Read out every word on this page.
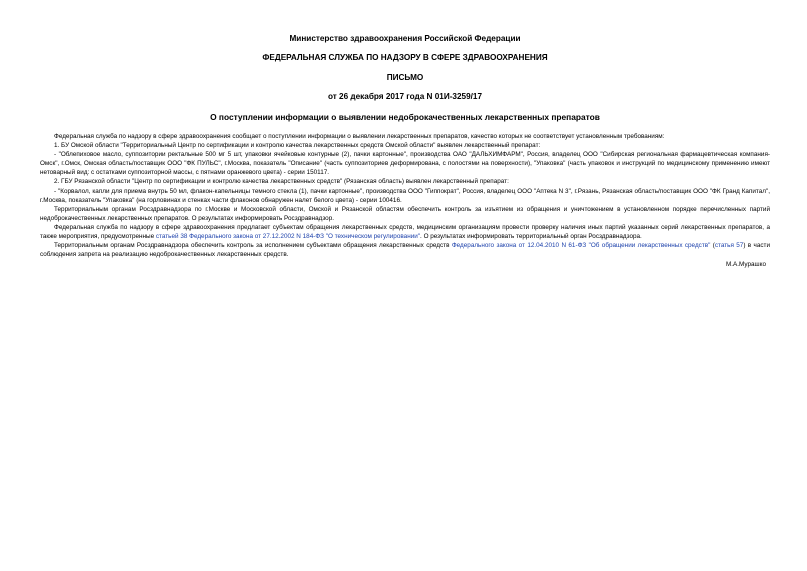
Министерство здравоохранения Российской Федерации
ФЕДЕРАЛЬНАЯ СЛУЖБА ПО НАДЗОРУ В СФЕРЕ ЗДРАВООХРАНЕНИЯ
ПИСЬМО
от 26 декабря 2017 года N 01И-3259/17
О поступлении информации о выявлении недоброкачественных лекарственных препаратов

Федеральная служба по надзору в сфере здравоохранения сообщает о поступлении информации о выявлении лекарственных препаратов, качество которых не соответствует установленным требованиям:

1. БУ Омской области "Территориальный Центр по сертификации и контролю качества лекарственных средств Омской области" выявлен лекарственный препарат:

- "Облепиховое масло, суппозитории ректальные 500 мг 5 шт, упаковки ячейковые контурные (2), пачки картонные", производства ОАО "ДАЛЬХИМФАРМ", Россия, владелец ООО "Сибирская региональная фармацевтическая компания-Омск", г.Омск, Омская область/поставщик ООО "ФК ПУЛЬС", г.Москва, показатель "Описание" (часть суппозиториев деформирована, с полостями на поверхности), "Упаковка" (часть упаковок и инструкций по медицинскому применению имеют нетоварный вид: с остатками суппозиторной массы, с пятнами оранжевого цвета) - серии 150117.

2. ГБУ Рязанской области "Центр по сертификации и контролю качества лекарственных средств" (Рязанская область) выявлен лекарственный препарат:

- "Корвалол, капли для приема внутрь 50 мл, флакон-капельницы темного стекла (1), пачки картонные", производства ООО "Гиппократ", Россия, владелец ООО "Аптека N 3", г.Рязань, Рязанская область/поставщик ООО "ФК Гранд Капитал", г.Москва, показатель "Упаковка" (на горловинах и стенках части флаконов обнаружен налет белого цвета) - серии 100416.

Территориальным органам Росздравнадзора по г.Москве и Московской области, Омской и Рязанской областям обеспечить контроль за изъятием из обращения и уничтожением в установленном порядке перечисленных партий недоброкачественных лекарственных препаратов. О результатах информировать Росздравнадзор.

Федеральная служба по надзору в сфере здравоохранения предлагает субъектам обращения лекарственных средств, медицинским организациям провести проверку наличия иных партий указанных серий лекарственных препаратов, а также мероприятия, предусмотренные статьей 38 Федерального закона от 27.12.2002 N 184-ФЗ "О техническом регулировании". О результатах информировать территориальный орган Росздравнадзора.

Территориальным органам Росздравнадзора обеспечить контроль за исполнением субъектами обращения лекарственных средств Федерального закона от 12.04.2010 N 61-ФЗ "Об обращении лекарственных средств" (статья 57) в части соблюдения запрета на реализацию недоброкачественных лекарственных средств.

М.А.Мурашко
